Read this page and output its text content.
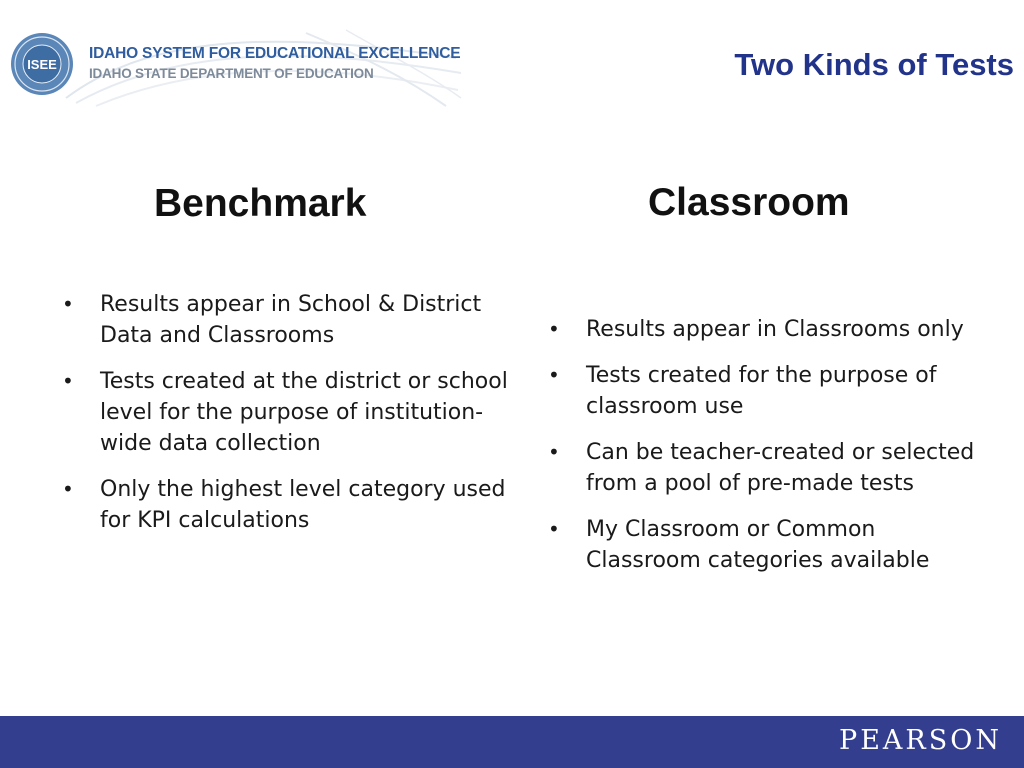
ISEE
IDAHO SYSTEM FOR EDUCATIONAL EXCELLENCE
IDAHO STATE DEPARTMENT OF EDUCATION	Two Kinds of Tests
Benchmark	Classroom
• Results appear in School & District Data and Classrooms
• Tests created at the district or school level for the purpose of institution-wide data collection
• Only the highest level category used for KPI calculations
• Results appear in Classrooms only
• Tests created for the purpose of classroom use
• Can be teacher-created or selected from a pool of pre-made tests
• My Classroom or Common Classroom categories available
PEARSON
